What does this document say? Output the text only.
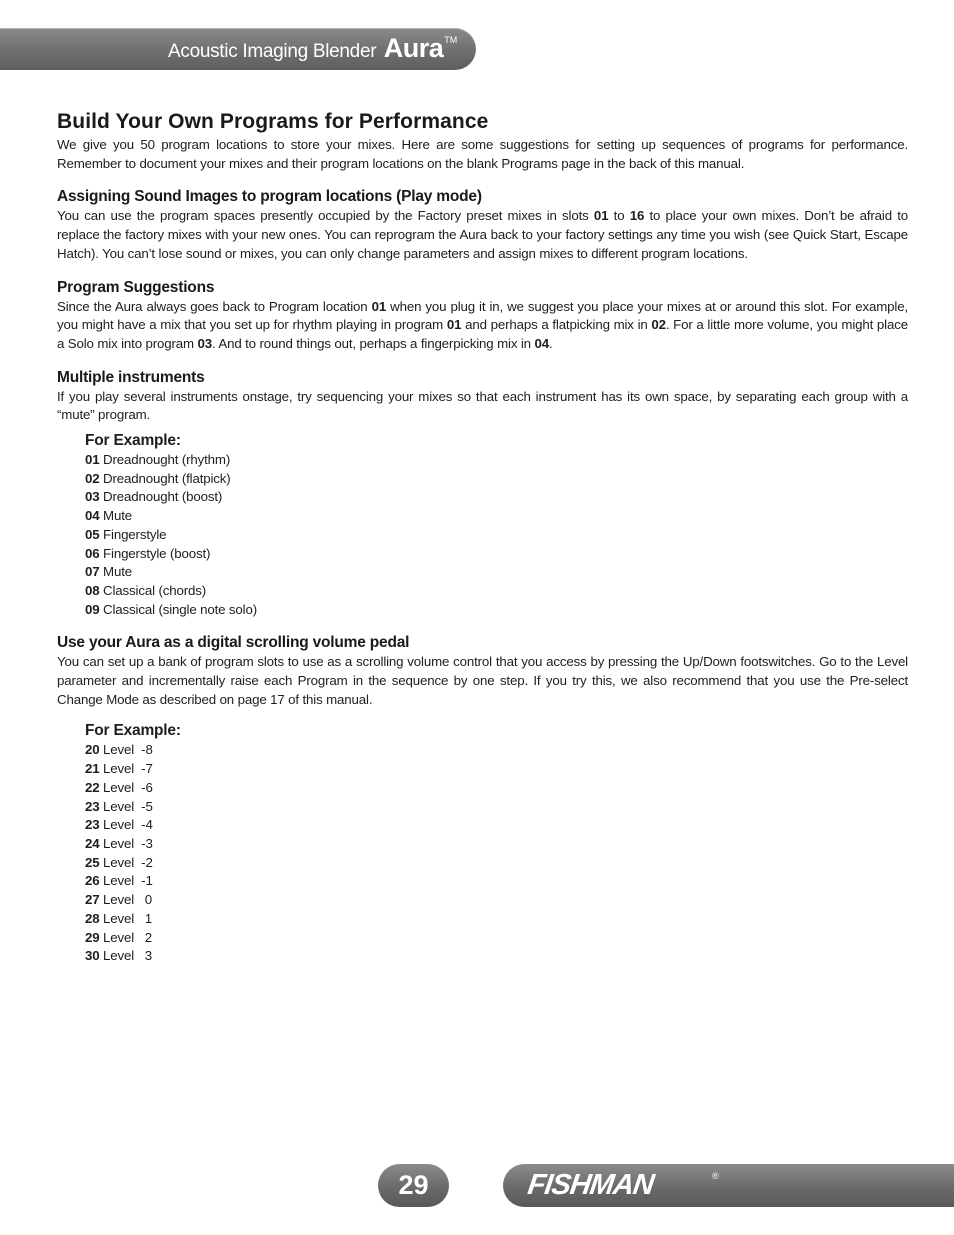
Acoustic Imaging Blender Aura™
Build Your Own Programs for Performance

We give you 50 program locations to store your mixes. Here are some suggestions for setting up sequences of programs for performance. Remember to document your mixes and their program locations on the blank Programs page in the back of this manual.

Assigning Sound Images to program locations (Play mode)

You can use the program spaces presently occupied by the Factory preset mixes in slots 01 to 16 to place your own mixes. Don’t be afraid to replace the factory mixes with your new ones. You can reprogram the Aura back to your factory settings any time you wish (see Quick Start, Escape Hatch). You can’t lose sound or mixes, you can only change parameters and assign mixes to different program locations.

Program Suggestions

Since the Aura always goes back to Program location 01 when you plug it in, we suggest you place your mixes at or around this slot. For example, you might have a mix that you set up for rhythm playing in program 01 and perhaps a flatpicking mix in 02. For a little more volume, you might place a Solo mix into program 03. And to round things out, perhaps a fingerpicking mix in 04.

Multiple instruments

If you play several instruments onstage, try sequencing your mixes so that each instrument has its own space, by separating each group with a “mute” program.

For Example:
01 Dreadnought (rhythm)
02 Dreadnought (flatpick)
03 Dreadnought (boost)
04 Mute
05 Fingerstyle
06 Fingerstyle (boost)
07 Mute
08 Classical (chords)
09 Classical (single note solo)
Use your Aura as a digital scrolling volume pedal

You can set up a bank of program slots to use as a scrolling volume control that you access by pressing the Up/Down footswitches. Go to the Level parameter and incrementally raise each Program in the sequence by one step. If you try this, we also recommend that you use the Pre-select Change Mode as described on page 17 of this manual.

For Example:
20 Level  -8
21 Level  -7
22 Level  -6
23 Level  -5
23 Level  -4
24 Level  -3
25 Level  -2
26 Level  -1
27 Level   0
28 Level   1
29 Level   2
30 Level   3
29	FISHMAN	®
